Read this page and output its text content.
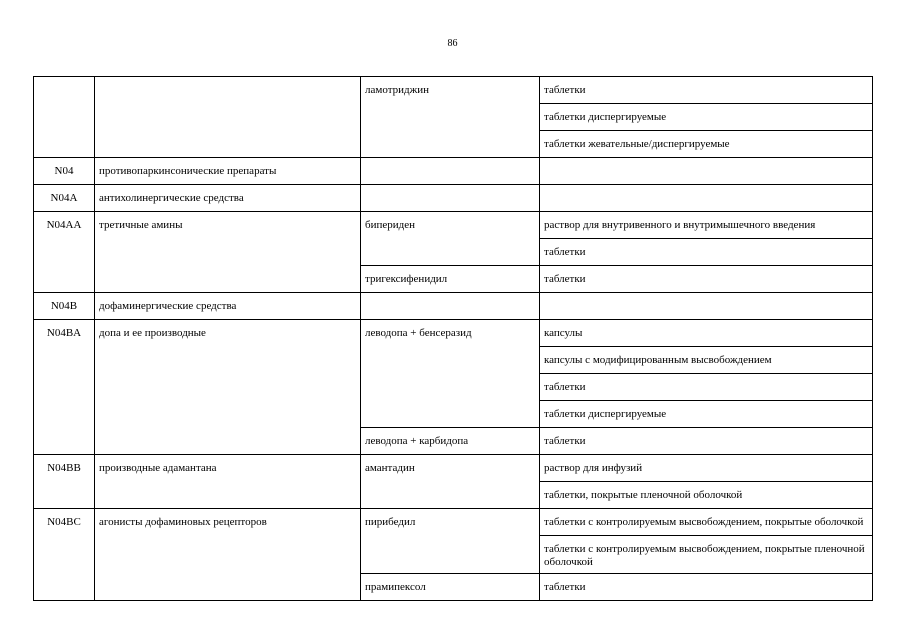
86
		ламотриджин	таблетки
			таблетки диспергируемые
			таблетки жевательные/диспергируемые
N04	противопаркинсонические препараты		
N04A	антихолинергические средства		
N04AA	третичные амины	бипериден	раствор для внутривенного и внутримышечного введения
			таблетки
		тригексифенидил	таблетки
N04B	дофаминергические средства		
N04BA	допа и ее производные	леводопа + бенсеразид	капсулы
			капсулы с модифицированным высвобождением
			таблетки
			таблетки диспергируемые
		леводопа + карбидопа	таблетки
N04BB	производные адамантана	амантадин	раствор для инфузий
			таблетки, покрытые пленочной оболочкой
N04BC	агонисты дофаминовых рецепторов	пирибедил	таблетки с контролируемым высвобождением, покрытые оболочкой
			таблетки с контролируемым высвобождением, покрытые пленочной оболочкой
		прамипексол	таблетки
